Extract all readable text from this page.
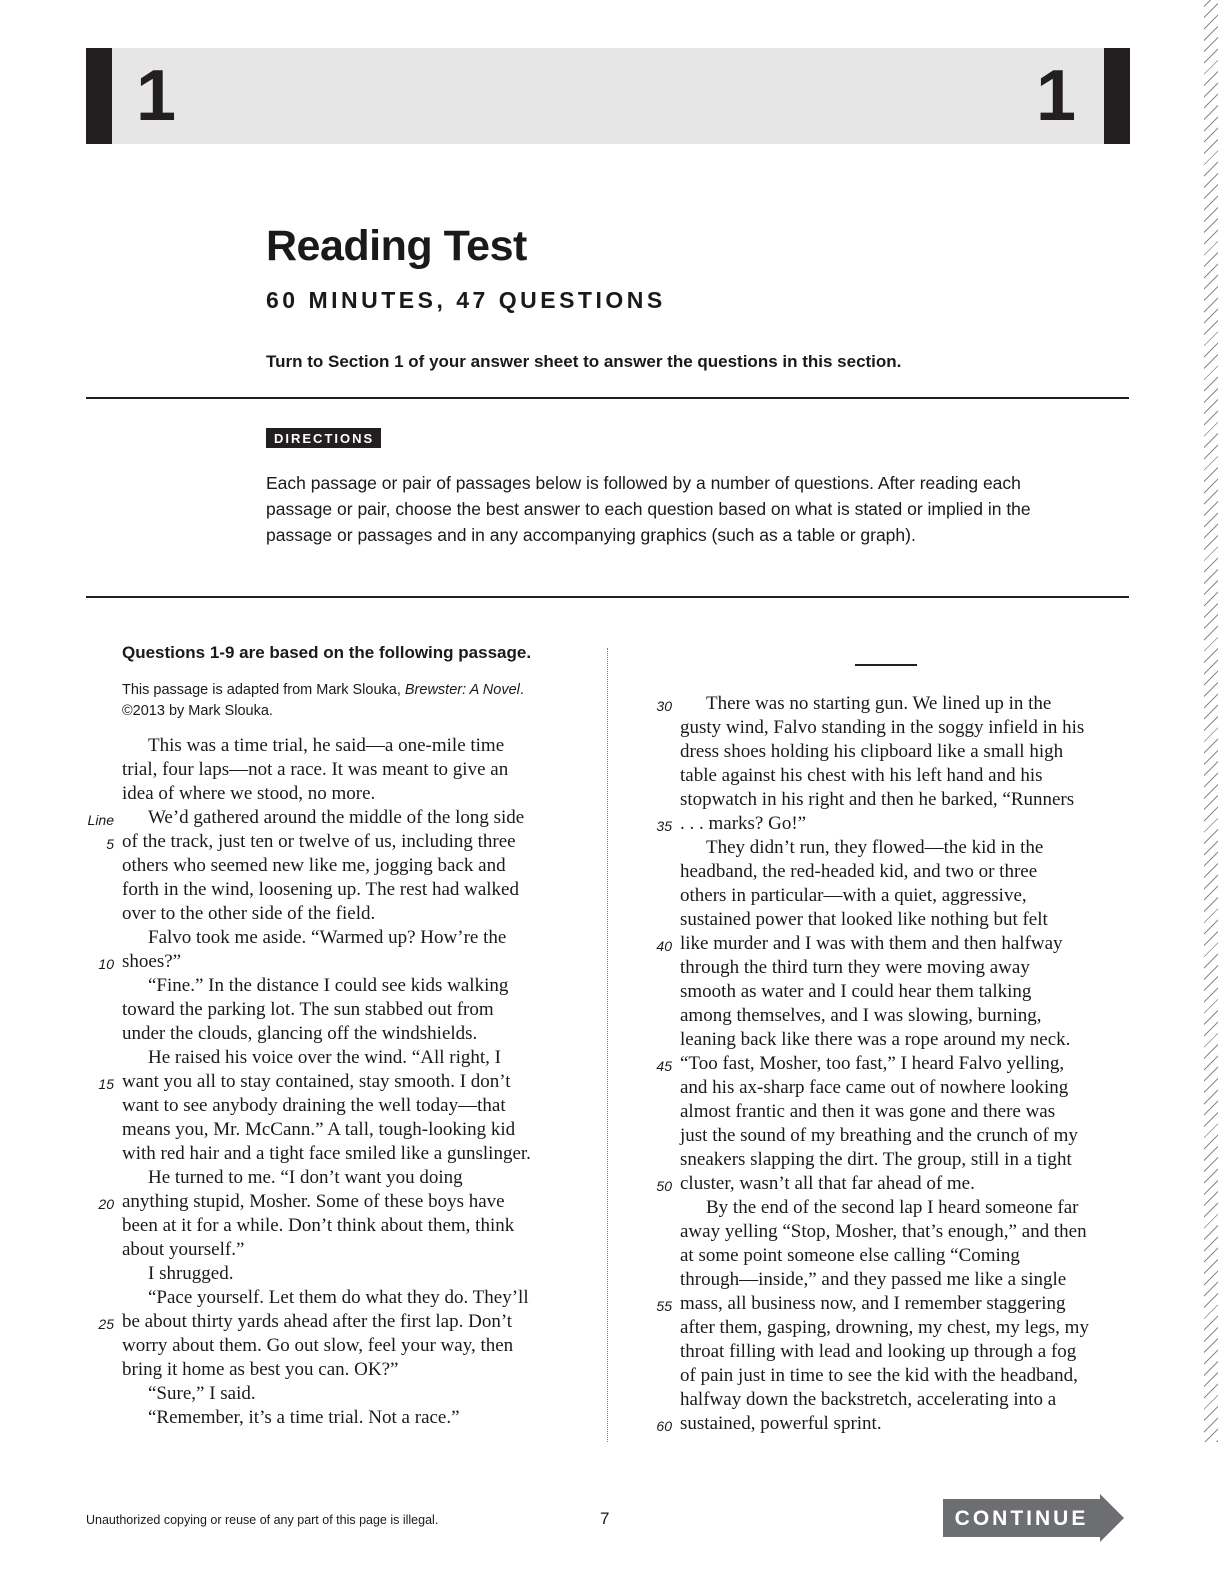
1	1
Reading Test
60 MINUTES, 47 QUESTIONS
Turn to Section 1 of your answer sheet to answer the questions in this section.
DIRECTIONS
Each passage or pair of passages below is followed by a number of questions. After reading each passage or pair, choose the best answer to each question based on what is stated or implied in the passage or passages and in any accompanying graphics (such as a table or graph).
Questions 1-9 are based on the following passage.
This passage is adapted from Mark Slouka, Brewster: A Novel.
©2013 by Mark Slouka.
This was a time trial, he said—a one-mile time
trial, four laps—not a race. It was meant to give an
idea of where we stood, no more.
Line We’d gathered around the middle of the long side
5 of the track, just ten or twelve of us, including three
others who seemed new like me, jogging back and
forth in the wind, loosening up. The rest had walked
over to the other side of the field.
Falvo took me aside. “Warmed up? How’re the
10 shoes?”
“Fine.” In the distance I could see kids walking
toward the parking lot. The sun stabbed out from
under the clouds, glancing off the windshields.
He raised his voice over the wind. “All right, I
15 want you all to stay contained, stay smooth. I don’t
want to see anybody draining the well today—that
means you, Mr. McCann.” A tall, tough-looking kid
with red hair and a tight face smiled like a gunslinger.
He turned to me. “I don’t want you doing
20 anything stupid, Mosher. Some of these boys have
been at it for a while. Don’t think about them, think
about yourself.”
I shrugged.
“Pace yourself. Let them do what they do. They’ll
25 be about thirty yards ahead after the first lap. Don’t
worry about them. Go out slow, feel your way, then
bring it home as best you can. OK?”
“Sure,” I said.
“Remember, it’s a time trial. Not a race.”
30 There was no starting gun. We lined up in the
gusty wind, Falvo standing in the soggy infield in his
dress shoes holding his clipboard like a small high
table against his chest with his left hand and his
stopwatch in his right and then he barked, “Runners
35 . . . marks? Go!”
They didn’t run, they flowed—the kid in the
headband, the red-headed kid, and two or three
others in particular—with a quiet, aggressive,
sustained power that looked like nothing but felt
40 like murder and I was with them and then halfway
through the third turn they were moving away
smooth as water and I could hear them talking
among themselves, and I was slowing, burning,
leaning back like there was a rope around my neck.
45 “Too fast, Mosher, too fast,” I heard Falvo yelling,
and his ax-sharp face came out of nowhere looking
almost frantic and then it was gone and there was
just the sound of my breathing and the crunch of my
sneakers slapping the dirt. The group, still in a tight
50 cluster, wasn’t all that far ahead of me.
By the end of the second lap I heard someone far
away yelling “Stop, Mosher, that’s enough,” and then
at some point someone else calling “Coming
through—inside,” and they passed me like a single
55 mass, all business now, and I remember staggering
after them, gasping, drowning, my chest, my legs, my
throat filling with lead and looking up through a fog
of pain just in time to see the kid with the headband,
halfway down the backstretch, accelerating into a
60 sustained, powerful sprint.
Unauthorized copying or reuse of any part of this page is illegal.	7	CONTINUE
